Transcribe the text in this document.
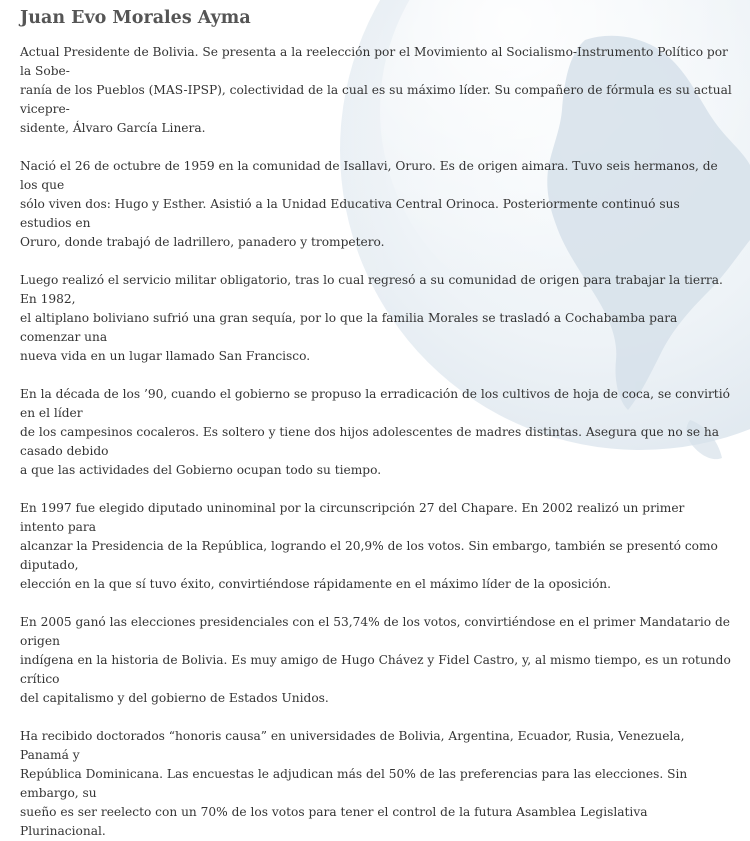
Juan Evo Morales Ayma

Actual Presidente de Bolivia. Se presenta a la reelección por el Movimiento al Socialismo-Instrumento Político por la Sobe-
ranía de los Pueblos (MAS-IPSP), colectividad de la cual es su máximo líder. Su compañero de fórmula es su actual vicepre-
sidente, Álvaro García Linera.

Nació el 26 de octubre de 1959 en la comunidad de Isallavi, Oruro. Es de origen aimara. Tuvo seis hermanos, de los que
sólo viven dos: Hugo y Esther. Asistió a la Unidad Educativa Central Orinoca. Posteriormente continuó sus estudios en
Oruro, donde trabajó de ladrillero, panadero y trompetero.

Luego realizó el servicio militar obligatorio, tras lo cual regresó a su comunidad de origen para trabajar la tierra. En 1982,
el altiplano boliviano sufrió una gran sequía, por lo que la familia Morales se trasladó a Cochabamba para comenzar una
nueva vida en un lugar llamado San Francisco.

En la década de los ’90, cuando el gobierno se propuso la erradicación de los cultivos de hoja de coca, se convirtió en el líder
de los campesinos cocaleros. Es soltero y tiene dos hijos adolescentes de madres distintas. Asegura que no se ha casado debido
a que las actividades del Gobierno ocupan todo su tiempo.

En 1997 fue elegido diputado uninominal por la circunscripción 27 del Chapare. En 2002 realizó un primer intento para
alcanzar la Presidencia de la República, logrando el 20,9% de los votos. Sin embargo, también se presentó como diputado,
elección en la que sí tuvo éxito, convirtiéndose rápidamente en el máximo líder de la oposición.

En 2005 ganó las elecciones presidenciales con el 53,74% de los votos, convirtiéndose en el primer Mandatario de origen
indígena en la historia de Bolivia. Es muy amigo de Hugo Chávez y Fidel Castro, y, al mismo tiempo, es un rotundo crítico
del capitalismo y del gobierno de Estados Unidos.

Ha recibido doctorados “honoris causa” en universidades de Bolivia, Argentina, Ecuador, Rusia, Venezuela, Panamá y
República Dominicana. Las encuestas le adjudican más del 50% de las preferencias para las elecciones. Sin embargo, su
sueño es ser reelecto con un 70% de los votos para tener el control de la futura Asamblea Legislativa Plurinacional.
